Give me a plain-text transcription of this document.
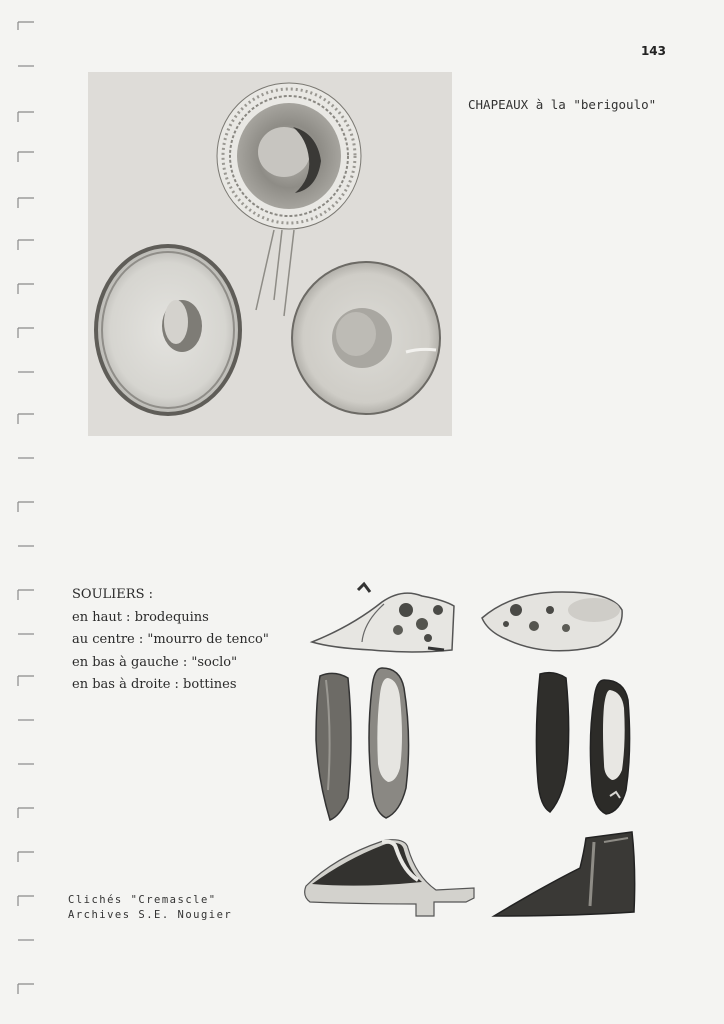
143
CHAPEAUX à la "berigoulo"
SOULIERS :
en haut : brodequins
au centre : "mourro de tenco"
en bas à gauche : "soclo"
en bas à droite : bottines
Clichés "Cremascle"
Archives S.E. Nougier
